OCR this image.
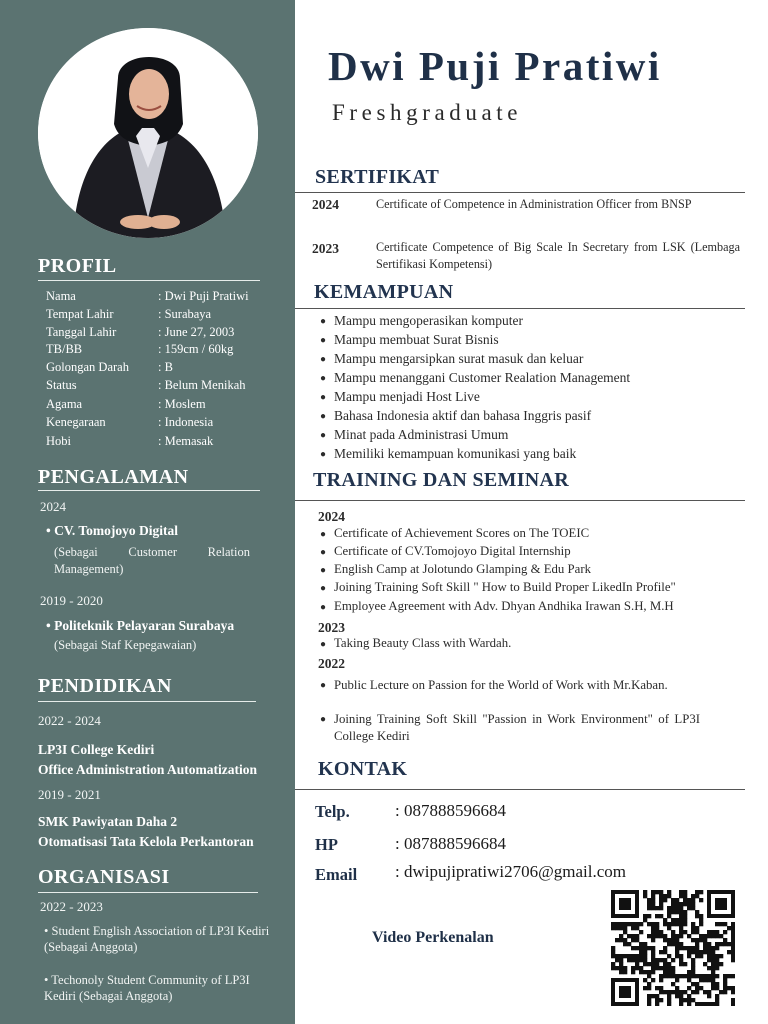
PROFIL
Nama	: Dwi Puji Pratiwi
Tempat Lahir	: Surabaya
Tanggal Lahir	: June 27, 2003
TB/BB	: 159cm / 60kg
Golongan Darah	: B
Status	: Belum Menikah
Agama	: Moslem
Kenegaraan	: Indonesia
Hobi	: Memasak
PENGALAMAN
2024
• CV. Tomojoyo Digital
(Sebagai Customer Relation Management)
2019 - 2020
• Politeknik Pelayaran Surabaya
(Sebagai Staf Kepegawaian)
PENDIDIKAN
2022 - 2024
LP3I College Kediri
Office Administration Automatization
2019 - 2021
SMK Pawiyatan Daha 2
Otomatisasi Tata Kelola Perkantoran
ORGANISASI
2022 - 2023
• Student English Association of LP3I Kediri (Sebagai Anggota)
• Techonoly Student Community of LP3I Kediri (Sebagai Anggota)
Dwi Puji Pratiwi
Freshgraduate
SERTIFIKAT
2024	Certificate of Competence in Administration Officer from BNSP
2023	Certificate Competence of Big Scale In Secretary from LSK (Lembaga Sertifikasi Kompetensi)
KEMAMPUAN
● Mampu mengoperasikan komputer
● Mampu membuat Surat Bisnis
● Mampu mengarsipkan surat masuk dan keluar
● Mampu menanggani Customer Realation Management
● Mampu menjadi Host Live
● Bahasa Indonesia aktif dan bahasa Inggris pasif
● Minat pada Administrasi Umum
● Memiliki kemampuan komunikasi yang baik
TRAINING DAN SEMINAR
2024
● Certificate of Achievement Scores on The TOEIC
● Certificate of CV.Tomojoyo Digital Internship
● English Camp at Jolotundo Glamping & Edu Park
● Joining Training Soft Skill " How to Build Proper LikedIn Profile"
● Employee Agreement with Adv. Dhyan Andhika Irawan S.H, M.H
2023
● Taking Beauty Class with Wardah.
2022
● Public Lecture on Passion for the World of Work with Mr.Kaban.
● Joining Training Soft Skill "Passion in Work Environment" of LP3I College Kediri
KONTAK
Telp.	: 087888596684
HP	: 087888596684
Email : dwipujipratiwi2706@gmail.com
Video Perkenalan
